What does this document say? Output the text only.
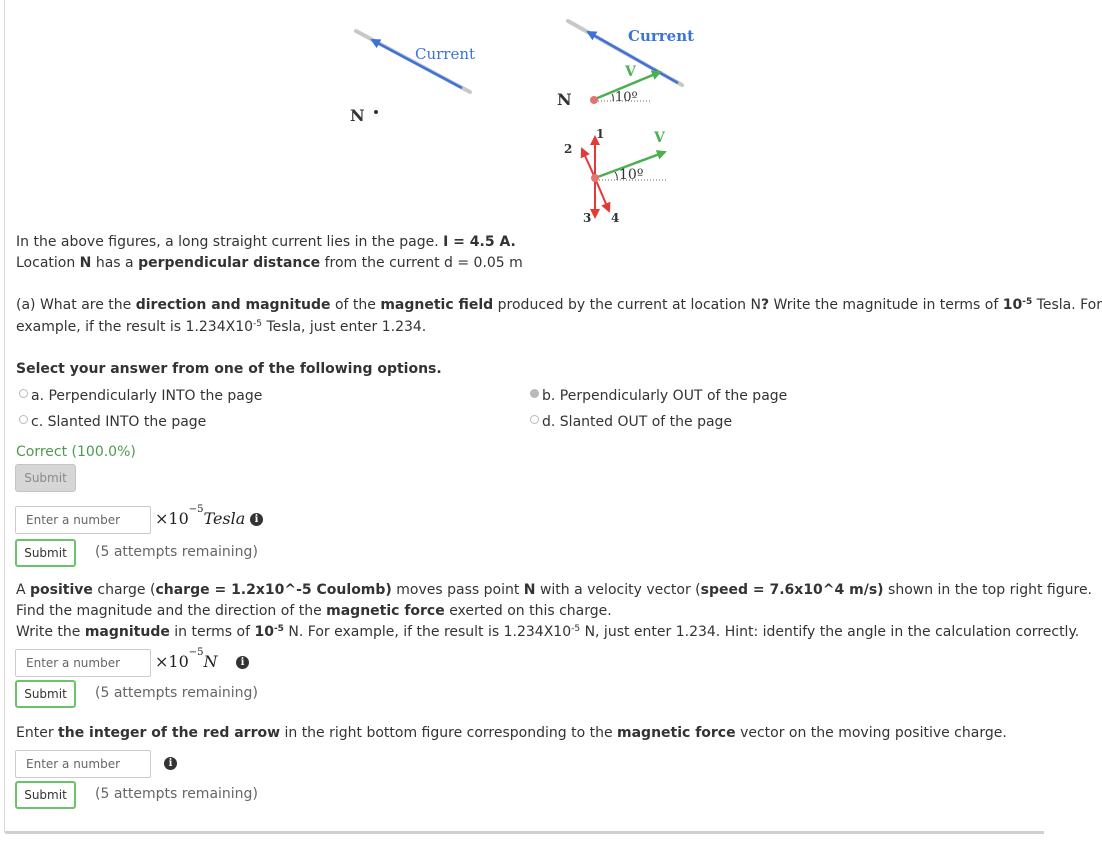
Current
N
Current
V
N	10º
1
2
3 4
V
10º
In the above figures, a long straight current lies in the page. I = 4.5 A.
Location N has a perpendicular distance from the current d = 0.05 m
(a) What are the direction and magnitude of the magnetic field produced by the current at location N? Write the magnitude in terms of $10^{-5}$ Tesla. For
example, if the result is $1.234X10^{-5}$ Tesla, just enter 1.234.
Select your answer from one of the following options.
a. Perpendicularly INTO the page	b. Perpendicularly OUT of the page
c. Slanted INTO the page	d. Slanted OUT of the page
Correct (100.0%)
Submit
Enter a number
$\times 10^{-5}Tesla$ i
Submit	(5 attempts remaining)
A positive charge (charge = 1.2x10^-5 Coulomb) moves pass point N with a velocity vector (speed = 7.6x10^4 m/s) shown in the top right figure.
Find the magnitude and the direction of the magnetic force exerted on this charge.
Write the magnitude in terms of $10^{-5}$ N. For example, if the result is $1.234X10^{-5}$ N, just enter 1.234. Hint: identify the angle in the calculation correctly.
Enter a number
$\times 10^{-5}N$	i
Submit	(5 attempts remaining)
Enter the integer of the red arrow in the right bottom figure corresponding to the magnetic force vector on the moving positive charge.
Enter a number
i
Submit	(5 attempts remaining)
